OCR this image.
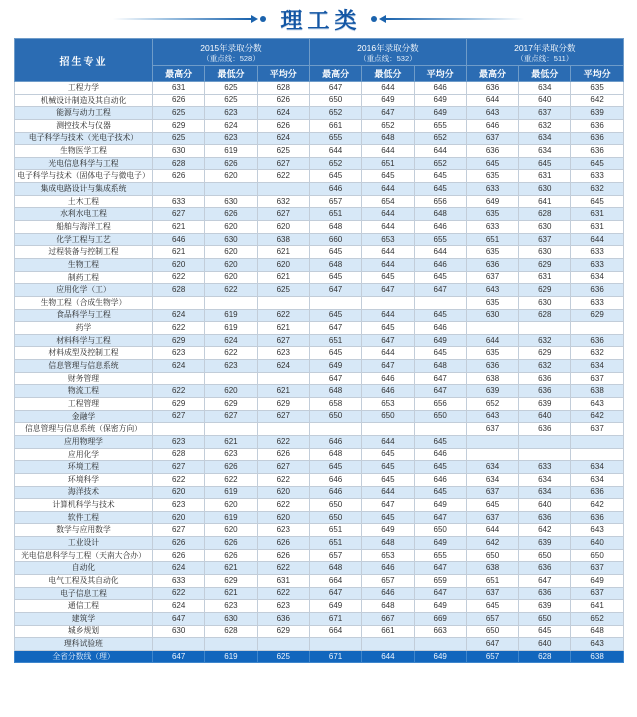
理工类
招生专业	2015年录取分数
（重点线：528）			2016年录取分数
（重点线：532）			2017年录取分数
（重点线：511）		

	最高分	最低分	平均分	最高分	最低分	平均分	最高分	最低分	平均分
工程力学	631	625	628	647	644	646	636	634	635
机械设计制造及其自动化	626	625	626	650	649	649	644	640	642
能源与动力工程	625	623	624	652	647	649	643	637	639
测控技术与仪器	629	624	626	661	652	655	646	632	636
电子科学与技术（光电子技术）	625	623	624	655	648	652	637	634	636
生物医学工程	630	619	625	644	644	644	636	634	636
光电信息科学与工程	628	626	627	652	651	652	645	645	645
电子科学与技术（固体电子与微电子）	626	620	622	645	645	645	635	631	633
集成电路设计与集成系统				646	644	645	633	630	632
土木工程	633	630	632	657	654	656	649	641	645
水利水电工程	627	626	627	651	644	648	635	628	631
船舶与海洋工程	621	620	620	648	644	646	633	630	631
化学工程与工艺	646	630	638	660	653	655	651	637	644
过程装备与控制工程	621	620	621	645	644	644	635	630	633
生物工程	620	620	620	648	644	646	636	629	633
制药工程	622	620	621	645	645	645	637	631	634
应用化学（工）	628	622	625	647	647	647	643	629	636
生物工程（合成生物学）							635	630	633
食品科学与工程	624	619	622	645	644	645	630	628	629
药学	622	619	621	647	645	646			
材料科学与工程	629	624	627	651	647	649	644	632	636
材料成型及控制工程	623	622	623	645	644	645	635	629	632
信息管理与信息系统	624	623	624	649	647	648	636	632	634
财务管理				647	646	647	638	636	637
物流工程	622	620	621	648	646	647	639	636	638
工程管理	629	629	629	658	653	656	652	639	643
金融学	627	627	627	650	650	650	643	640	642
信息管理与信息系统（保密方向）							637	636	637
应用物理学	623	621	622	646	644	645			
应用化学	628	623	626	648	645	646			
环境工程	627	626	627	645	645	645	634	633	634
环境科学	622	622	622	646	645	646	634	634	634
海洋技术	620	619	620	646	644	645	637	634	636
计算机科学与技术	623	620	622	650	647	649	645	640	642
软件工程	620	619	620	650	645	647	637	636	636
数学与应用数学	627	620	623	651	649	650	644	642	643
工业设计	626	626	626	651	648	649	642	639	640
光电信息科学与工程（天南大合办）	626	626	626	657	653	655	650	650	650
自动化	624	621	622	648	646	647	638	636	637
电气工程及其自动化	633	629	631	664	657	659	651	647	649
电子信息工程	622	621	622	647	646	647	637	636	637
通信工程	624	623	623	649	648	649	645	639	641
建筑学	647	630	636	671	667	669	657	650	652
城乡规划	630	628	629	664	661	663	650	645	648
理科试验班							647	640	643
全省分数线（理）	647	619	625	671	644	649	657	628	638
